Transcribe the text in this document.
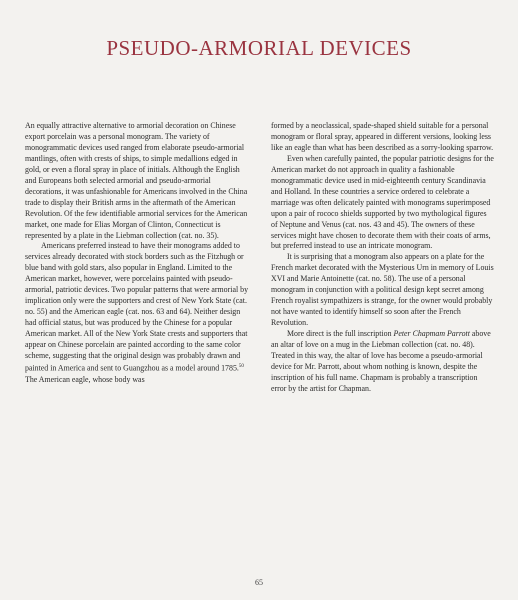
PSEUDO-ARMORIAL DEVICES

An equally attractive alternative to armorial decoration on Chinese export porcelain was a personal monogram. The variety of monogrammatic devices used ranged from elaborate pseudo-armorial mantlings, often with crests of ships, to simple medallions edged in gold, or even a floral spray in place of initials. Although the English and Europeans both selected armorial and pseudo-armorial decorations, it was unfashionable for Americans involved in the China trade to display their British arms in the aftermath of the American Revolution. Of the few identifiable armorial services for the American market, one made for Elias Morgan of Clinton, Connecticut is represented by a plate in the Liebman collection (cat. no. 35).

Americans preferred instead to have their monograms added to services already decorated with stock borders such as the Fitzhugh or blue band with gold stars, also popular in England. Limited to the American market, however, were porcelains painted with pseudo-armorial, patriotic devices. Two popular patterns that were armorial by implication only were the supporters and crest of New York State (cat. no. 55) and the American eagle (cat. nos. 63 and 64). Neither design had official status, but was produced by the Chinese for a popular American market. All of the New York State crests and supporters that appear on Chinese porcelain are painted according to the same color scheme, suggesting that the original design was probably drawn and painted in America and sent to Guangzhou as a model around 1785.50 The American eagle, whose body was

formed by a neoclassical, spade-shaped shield suitable for a personal monogram or floral spray, appeared in different versions, looking less like an eagle than what has been described as a sorry-looking sparrow.

Even when carefully painted, the popular patriotic designs for the American market do not approach in quality a fashionable monogrammatic device used in mid-eighteenth century Scandinavia and Holland. In these countries a service ordered to celebrate a marriage was often delicately painted with monograms superimposed upon a pair of rococo shields supported by two mythological figures of Neptune and Venus (cat. nos. 43 and 45). The owners of these services might have chosen to decorate them with their coats of arms, but preferred instead to use an intricate monogram.

It is surprising that a monogram also appears on a plate for the French market decorated with the Mysterious Urn in memory of Louis XVI and Marie Antoinette (cat. no. 58). The use of a personal monogram in conjunction with a political design kept secret among French royalist sympathizers is strange, for the owner would probably not have wanted to identify himself so soon after the French Revolution.

More direct is the full inscription Peter Chapmam Parrott above an altar of love on a mug in the Liebman collection (cat. no. 48). Treated in this way, the altar of love has become a pseudo-armorial device for Mr. Parrott, about whom nothing is known, despite the inscription of his full name. Chapmam is probably a transcription error by the artist for Chapman.

65
